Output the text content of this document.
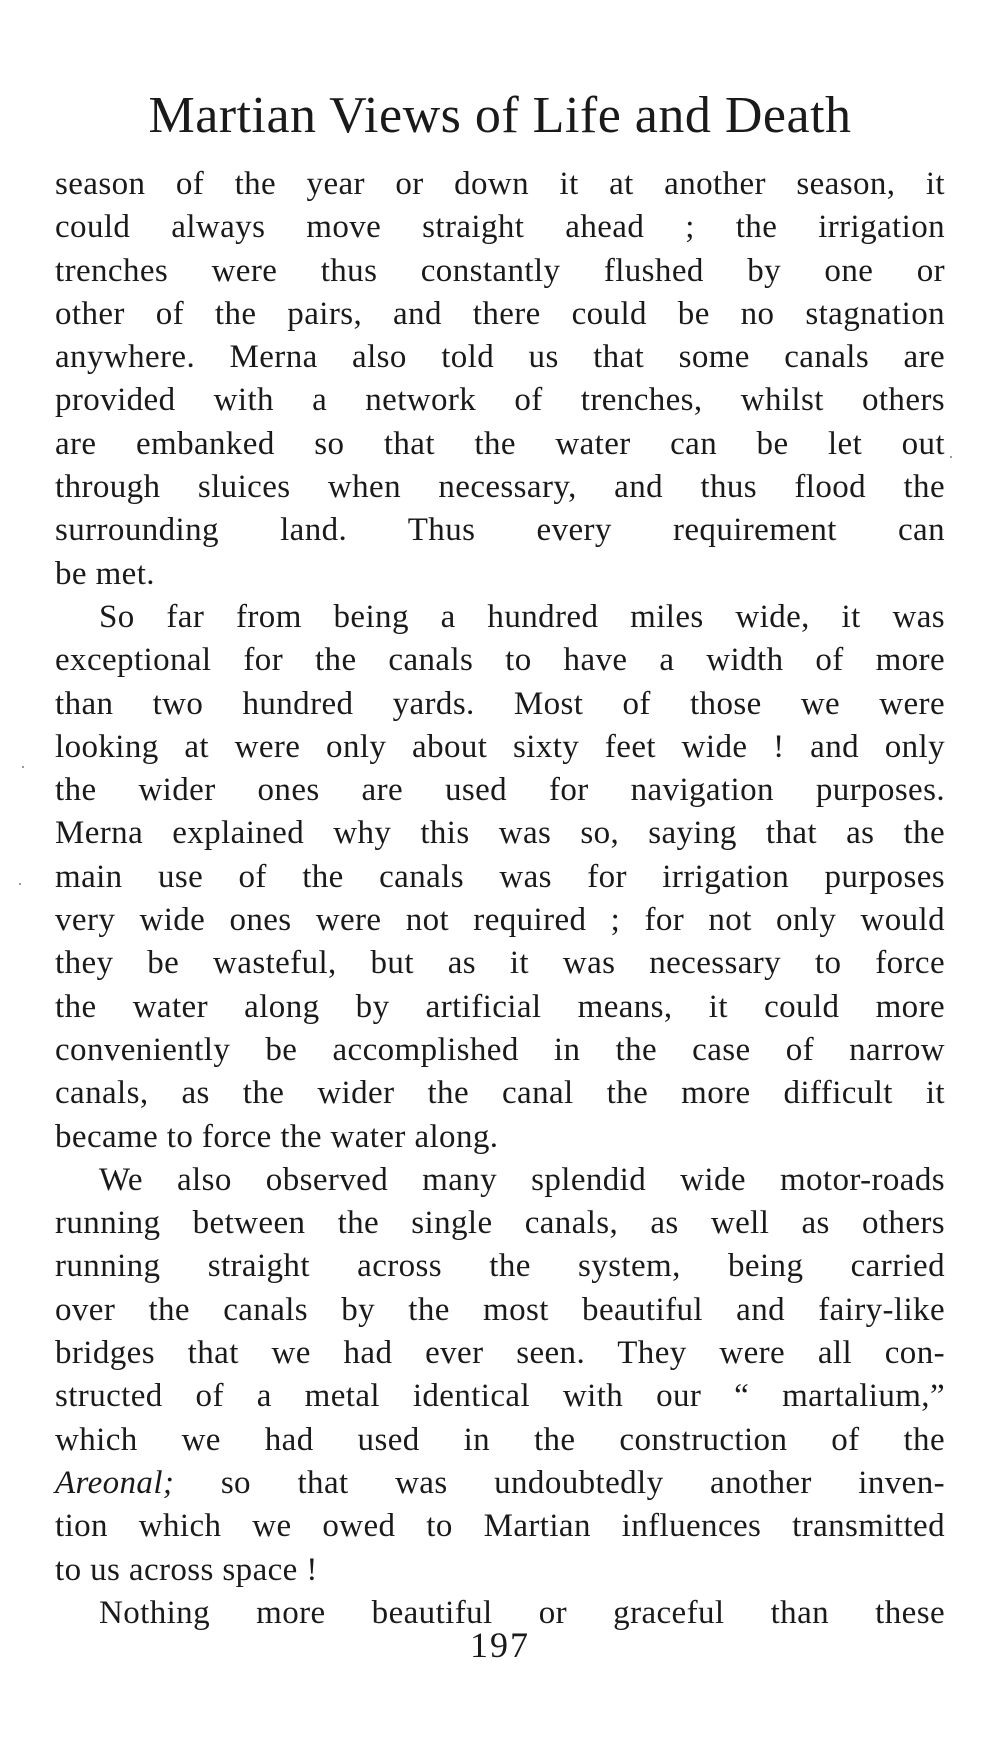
Martian Views of Life and Death
season of the year or down it at another season, it
could always move straight ahead ; the irrigation
trenches were thus constantly flushed by one or
other of the pairs, and there could be no stagnation
anywhere. Merna also told us that some canals are
provided with a network of trenches, whilst others
are embanked so that the water can be let out
through sluices when necessary, and thus flood the
surrounding land. Thus every requirement can
be met.
So far from being a hundred miles wide, it was
exceptional for the canals to have a width of more
than two hundred yards. Most of those we were
looking at were only about sixty feet wide ! and only
the wider ones are used for navigation purposes.
Merna explained why this was so, saying that as the
main use of the canals was for irrigation purposes
very wide ones were not required ; for not only would
they be wasteful, but as it was necessary to force
the water along by artificial means, it could more
conveniently be accomplished in the case of narrow
canals, as the wider the canal the more difficult it
became to force the water along.
We also observed many splendid wide motor-roads
running between the single canals, as well as others
running straight across the system, being carried
over the canals by the most beautiful and fairy-like
bridges that we had ever seen. They were all con-
structed of a metal identical with our “ martalium,”
which we had used in the construction of the
Areonal; so that was undoubtedly another inven-
tion which we owed to Martian influences transmitted
to us across space !
Nothing more beautiful or graceful than these
197
